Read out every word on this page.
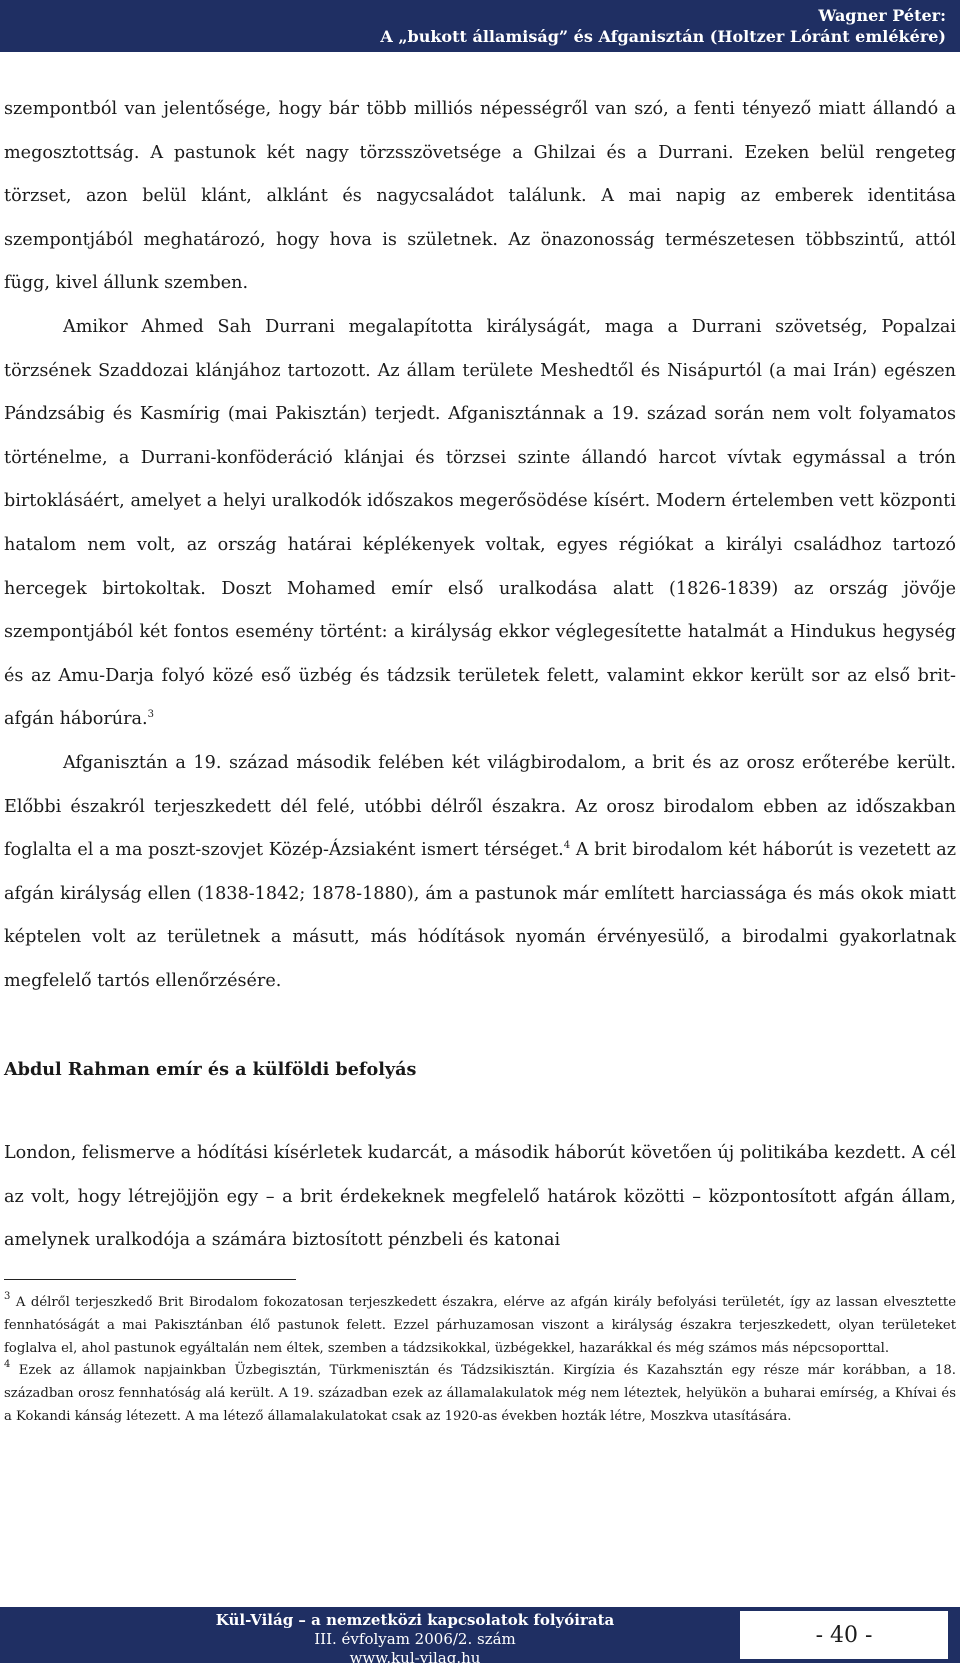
Wagner Péter:
A „bukott államiság” és Afganisztán (Holtzer Lóránt emlékére)

szempontból van jelentősége, hogy bár több milliós népességről van szó, a fenti tényező miatt állandó a megosztottság. A pastunok két nagy törzsszövetsége a Ghilzai és a Durrani. Ezeken belül rengeteg törzset, azon belül klánt, alklánt és nagycsaládot találunk. A mai napig az emberek identitása szempontjából meghatározó, hogy hova is születnek. Az önazonosság természetesen többszintű, attól függ, kivel állunk szemben.

Amikor Ahmed Sah Durrani megalapította királyságát, maga a Durrani szövetség, Popalzai törzsének Szaddozai klánjához tartozott. Az állam területe Meshedtől és Nisápurtól (a mai Irán) egészen Pándzsábig és Kasmírig (mai Pakisztán) terjedt. Afganisztánnak a 19. század során nem volt folyamatos történelme, a Durrani-konföderáció klánjai és törzsei szinte állandó harcot vívtak egymással a trón birtoklásáért, amelyet a helyi uralkodók időszakos megerősödése kísért. Modern értelemben vett központi hatalom nem volt, az ország határai képlékenyek voltak, egyes régiókat a királyi családhoz tartozó hercegek birtokoltak. Doszt Mohamed emír első uralkodása alatt (1826-1839) az ország jövője szempontjából két fontos esemény történt: a királyság ekkor véglegesítette hatalmát a Hindukus hegység és az Amu-Darja folyó közé eső üzbég és tádzsik területek felett, valamint ekkor került sor az első brit-afgán háborúra.$^3$

Afganisztán a 19. század második felében két világbirodalom, a brit és az orosz erőterébe került. Előbbi északról terjeszkedett dél felé, utóbbi délről északra. Az orosz birodalom ebben az időszakban foglalta el a ma poszt-szovjet Közép-Ázsiaként ismert térséget.$^4$ A brit birodalom két háborút is vezetett az afgán királyság ellen (1838-1842; 1878-1880), ám a pastunok már említett harciassága és más okok miatt képtelen volt az területnek a másutt, más hódítások nyomán érvényesülő, a birodalmi gyakorlatnak megfelelő tartós ellenőrzésére.

Abdul Rahman emír és a külföldi befolyás

London, felismerve a hódítási kísérletek kudarcát, a második háborút követően új politikába kezdett. A cél az volt, hogy létrejöjjön egy – a brit érdekeknek megfelelő határok közötti – központosított afgán állam, amelynek uralkodója a számára biztosított pénzbeli és katonai

$^3$ A délről terjeszkedő Brit Birodalom fokozatosan terjeszkedett északra, elérve az afgán király befolyási területét, így az lassan elvesztette fennhatóságát a mai Pakisztánban élő pastunok felett. Ezzel párhuzamosan viszont a királyság északra terjeszkedett, olyan területeket foglalva el, ahol pastunok egyáltalán nem éltek, szemben a tádzsikokkal, üzbégekkel, hazarákkal és még számos más népcsoporttal.

$^4$ Ezek az államok napjainkban Üzbegisztán, Türkmenisztán és Tádzsikisztán. Kirgízia és Kazahsztán egy része már korábban, a 18. században orosz fennhatóság alá került. A 19. században ezek az államalakulatok még nem léteztek, helyükön a buharai emírség, a Khívai és a Kokandi kánság létezett. A ma létező államalakulatokat csak az 1920-as években hozták létre, Moszkva utasítására.

Kül-Világ – a nemzetközi kapcsolatok folyóirata
III. évfolyam 2006/2. szám
www.kul-vilag.hu
- 40 -
